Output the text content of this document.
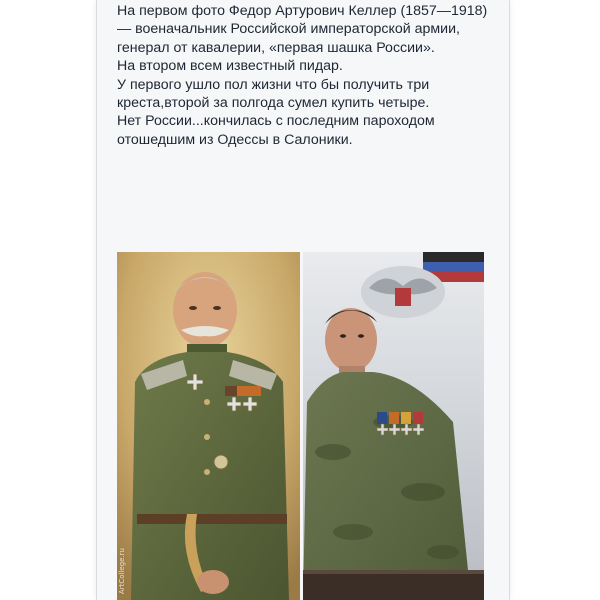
На первом фото Федор Артурович Келлер (1857—1918) — военачальник Российской императорской армии, генерал от кавалерии, «первая шашка России».

На втором всем известный пидар.

У первого ушло пол жизни что бы получить три креста,второй за полгода сумел купить четыре.

Нет России...кончилась с последним пароходом отошедшим из Одессы в Салоники.

ArtCollege.ru
